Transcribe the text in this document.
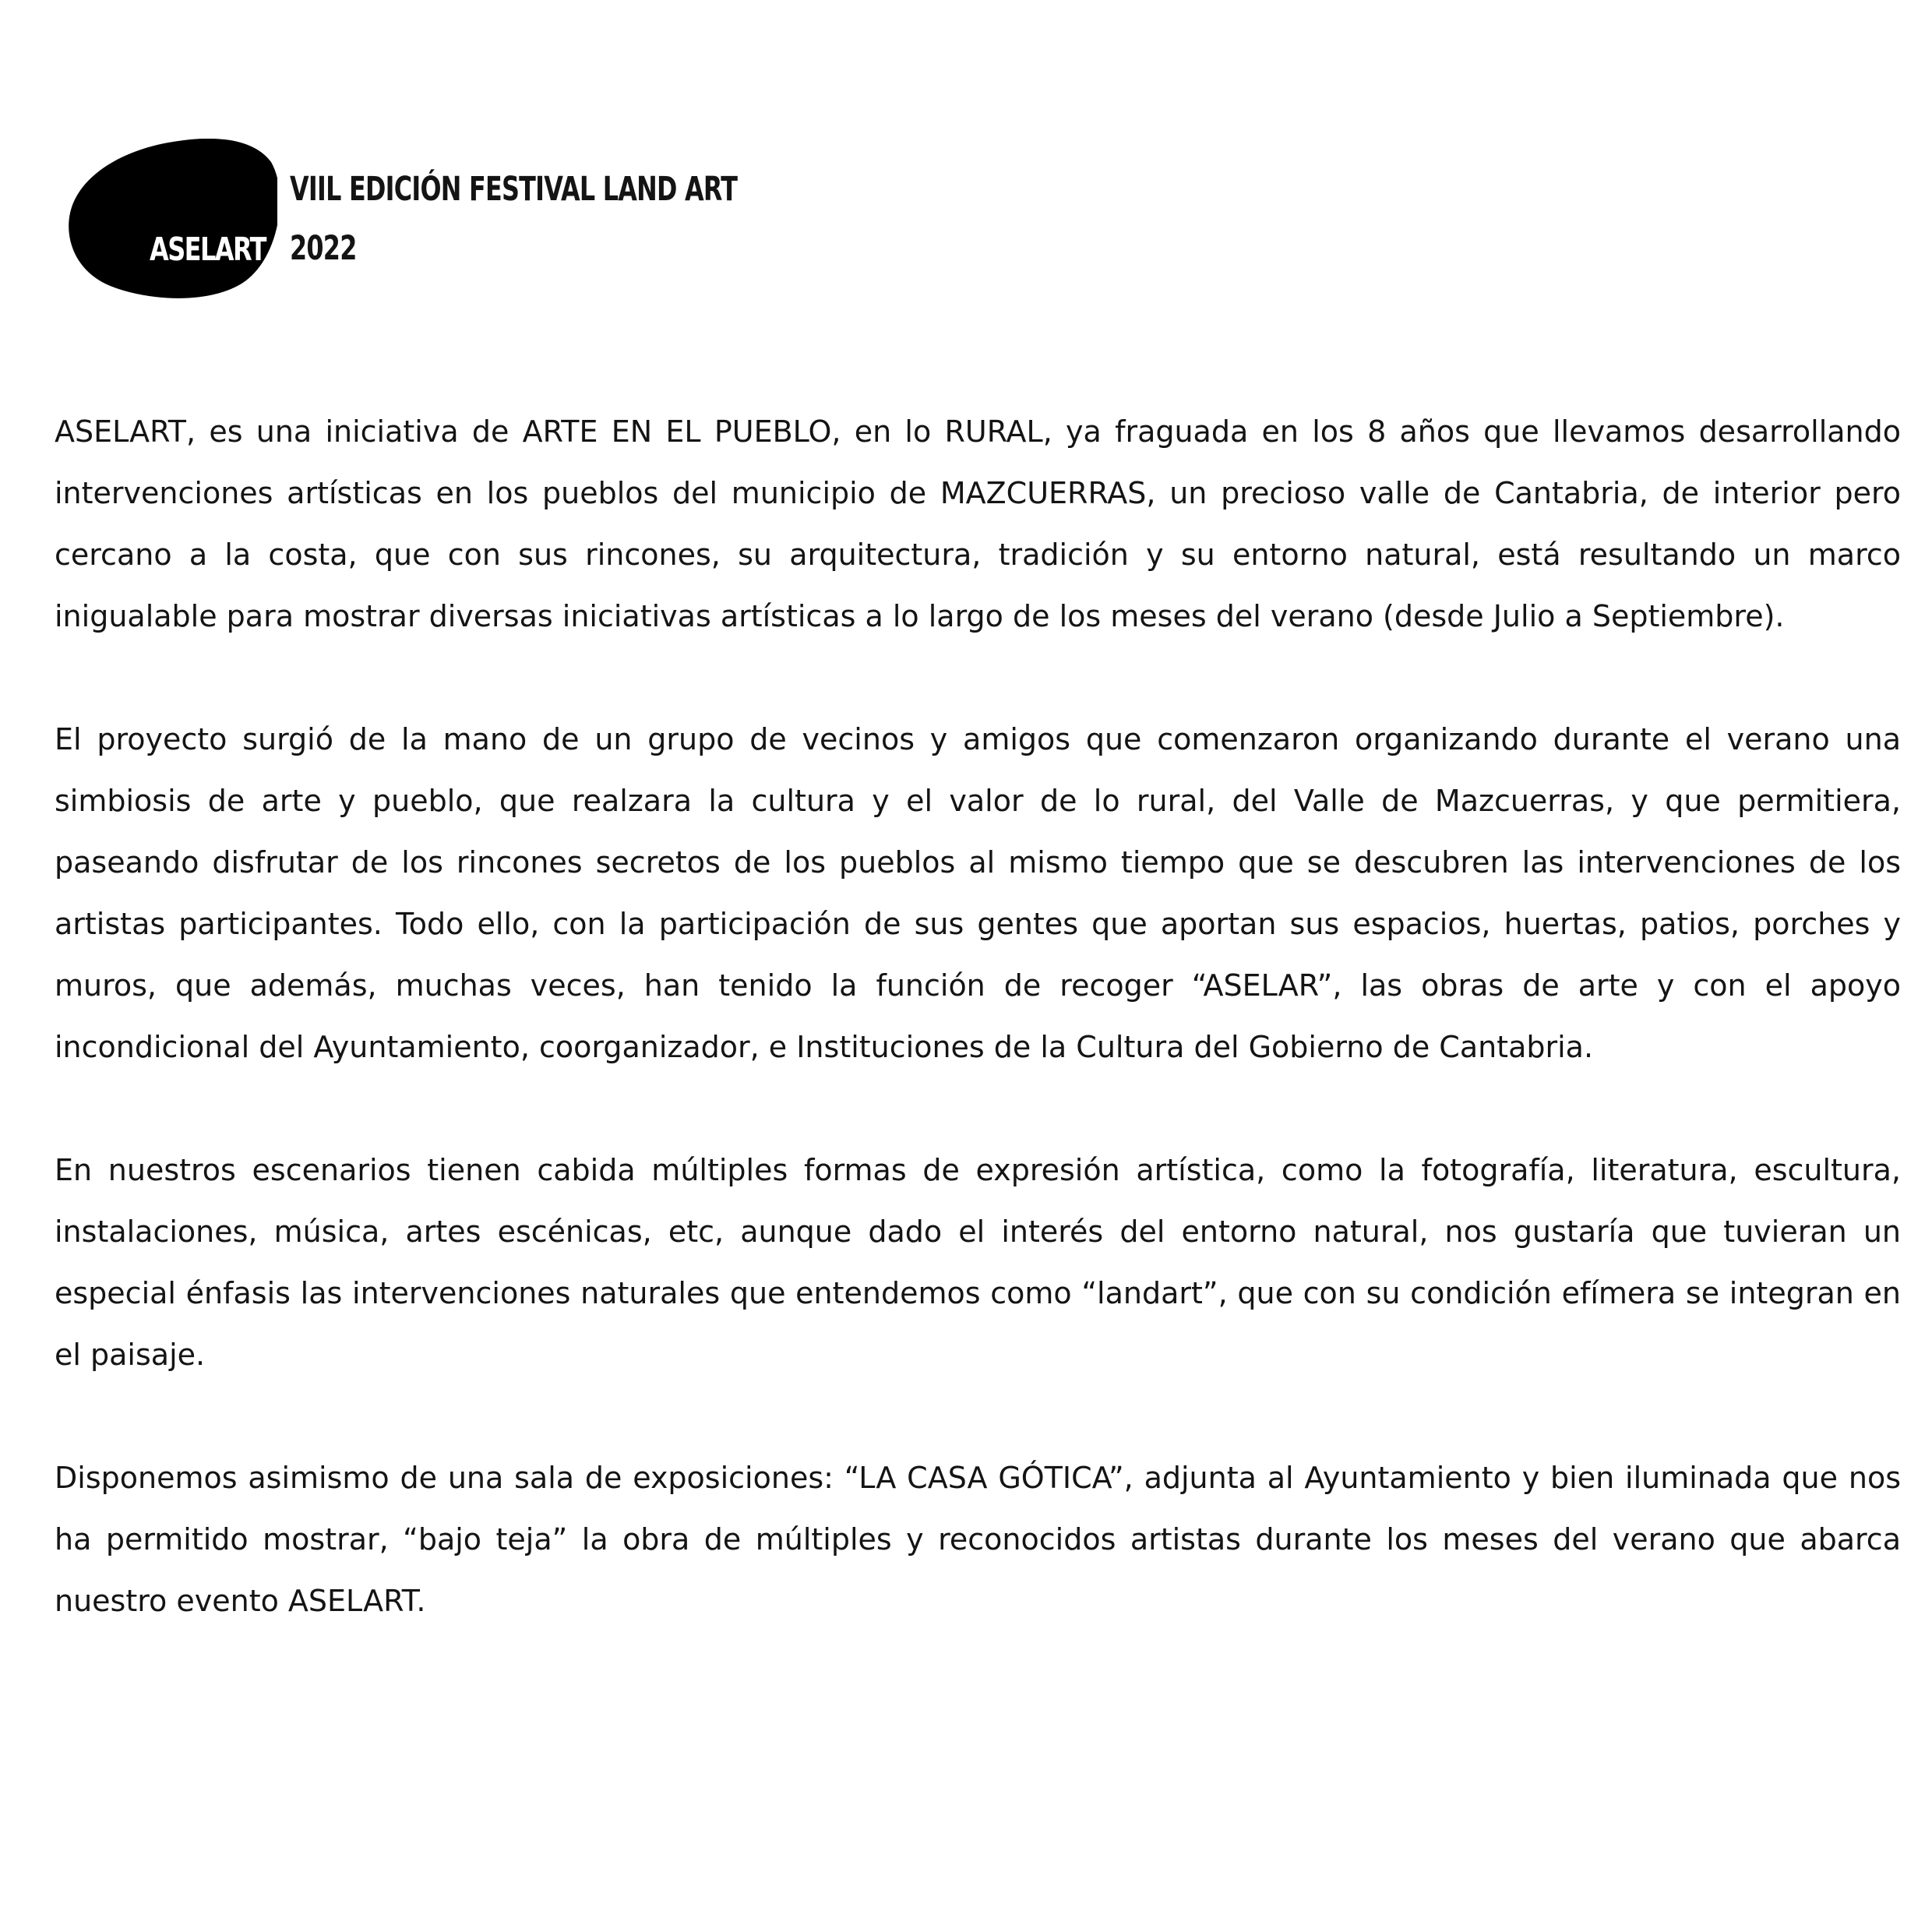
ASELART
VIIL EDICIÓN FESTIVAL LAND ART
2022

ASELART, es una iniciativa de ARTE EN EL PUEBLO, en lo RURAL, ya fraguada en los 8 años que llevamos desarrollando intervenciones artísticas en los pueblos del municipio de MAZCUERRAS, un precioso valle de Cantabria, de interior pero cercano a la costa, que con sus rincones, su arquitectura, tradición y su entorno natural, está resultando un marco inigualable para mostrar diversas iniciativas artísticas a lo largo de los meses del verano (desde Julio a Septiembre).

El proyecto surgió de la mano de un grupo de vecinos y amigos que comenzaron organizando durante el verano una simbiosis de arte y pueblo, que realzara la cultura y el valor de lo rural, del Valle de Mazcuerras, y que permitiera, paseando disfrutar de los rincones secretos de los pueblos al mismo tiempo que se descubren las intervenciones de los artistas participantes. Todo ello, con la participación de sus gentes que aportan sus espacios, huertas, patios, porches y muros, que además, muchas veces, han tenido la función de recoger “ASELAR”, las obras de arte y con el apoyo incondicional del Ayuntamiento, coorganizador, e Instituciones de la Cultura del Gobierno de Cantabria.

En nuestros escenarios tienen cabida múltiples formas de expresión artística, como la fotografía, literatura, escultura, instalaciones, música, artes escénicas, etc, aunque dado el interés del entorno natural, nos gustaría que tuvieran un especial énfasis las intervenciones naturales que entendemos como “landart”, que con su condición efímera se integran en el paisaje.

Disponemos asimismo de una sala de exposiciones: “LA CASA GÓTICA”, adjunta al Ayuntamiento y bien iluminada que nos ha permitido mostrar, “bajo teja” la obra de múltiples y reconocidos artistas durante los meses del verano que abarca nuestro evento ASELART.
